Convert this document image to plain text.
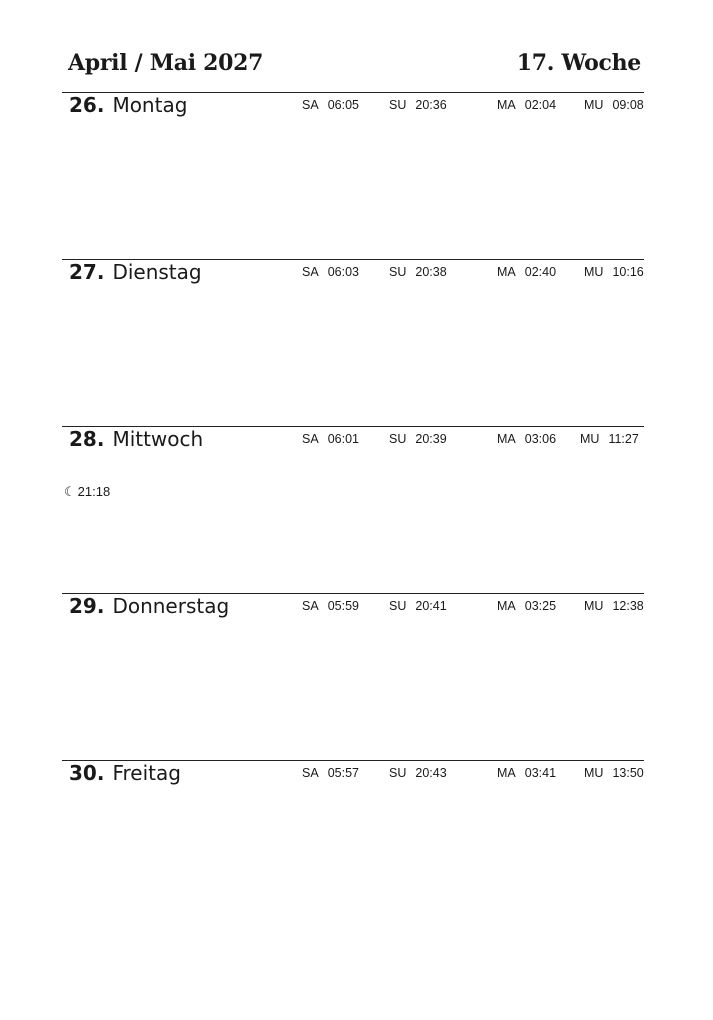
April / Mai 2027	17. Woche
26. Montag	SA 06:05 SU 20:36	MA 02:04 MU 09:08
27. Dienstag	SA 06:03 SU 20:38	MA 02:40 MU 10:16
28. Mittwoch	SA 06:01 SU 20:39	MA 03:06 MU 11:27
☾ 21:18
29. Donnerstag	SA 05:59 SU 20:41	MA 03:25 MU 12:38
30. Freitag	SA 05:57 SU 20:43	MA 03:41 MU 13:50
